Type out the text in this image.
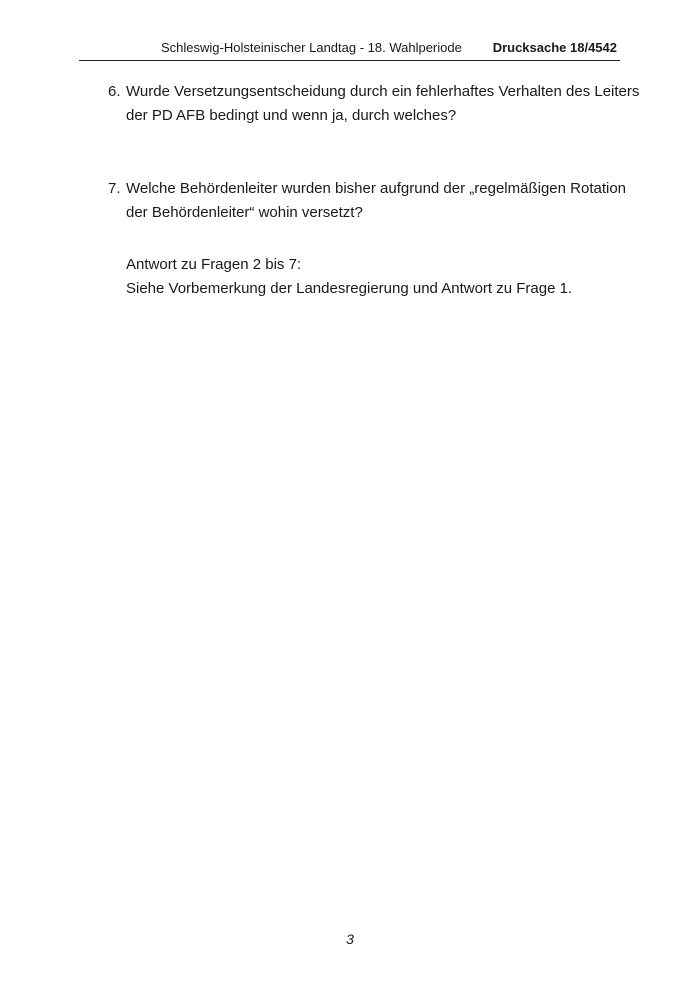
Schleswig-Holsteinischer Landtag - 18. Wahlperiode Drucksache 18/4542
6. Wurde Versetzungsentscheidung durch ein fehlerhaftes Verhalten des Leiters
der PD AFB bedingt und wenn ja, durch welches?
7. Welche Behördenleiter wurden bisher aufgrund der „regelmäßigen Rotation
der Behördenleiter“ wohin versetzt?
Antwort zu Fragen 2 bis 7:
Siehe Vorbemerkung der Landesregierung und Antwort zu Frage 1.
3
